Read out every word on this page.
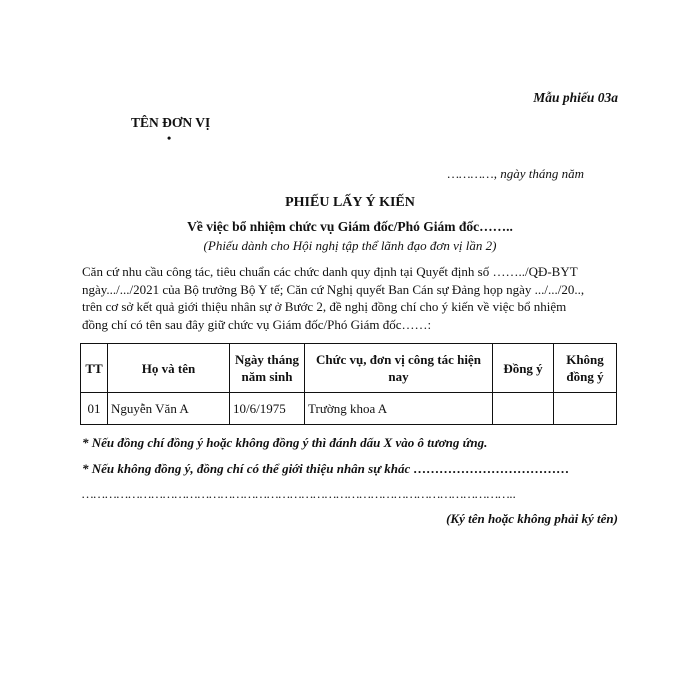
Mẫu phiếu 03a
TÊN ĐƠN VỊ
•
…………, ngày tháng năm
PHIẾU LẤY Ý KIẾN
Về việc bổ nhiệm chức vụ Giám đốc/Phó Giám đốc……..
(Phiếu dành cho Hội nghị tập thể lãnh đạo đơn vị lần 2)

Căn cứ nhu cầu công tác, tiêu chuẩn các chức danh quy định tại Quyết định số ……../QĐ-BYT

ngày.../.../2021 của Bộ trưởng Bộ Y tế; Căn cứ Nghị quyết Ban Cán sự Đảng họp ngày .../.../20..,

trên cơ sở kết quả giới thiệu nhân sự ở Bước 2, đề nghị đồng chí cho ý kiến về việc bổ nhiệm

đồng chí có tên sau đây giữ chức vụ Giám đốc/Phó Giám đốc……:

TT	Họ và tên	Ngày tháng năm sinh	Chức vụ, đơn vị công tác hiện nay	Đồng ý	Không đồng ý
01	Nguyễn Văn A	10/6/1975	Trường khoa A		
* Nếu đồng chí đồng ý hoặc không đồng ý thì đánh dấu X vào ô tương ứng.
* Nếu không đồng ý, đồng chí có thể giới thiệu nhân sự khác ………………………………
…………………………………………………………………………………………………..
(Ký tên hoặc không phải ký tên)
